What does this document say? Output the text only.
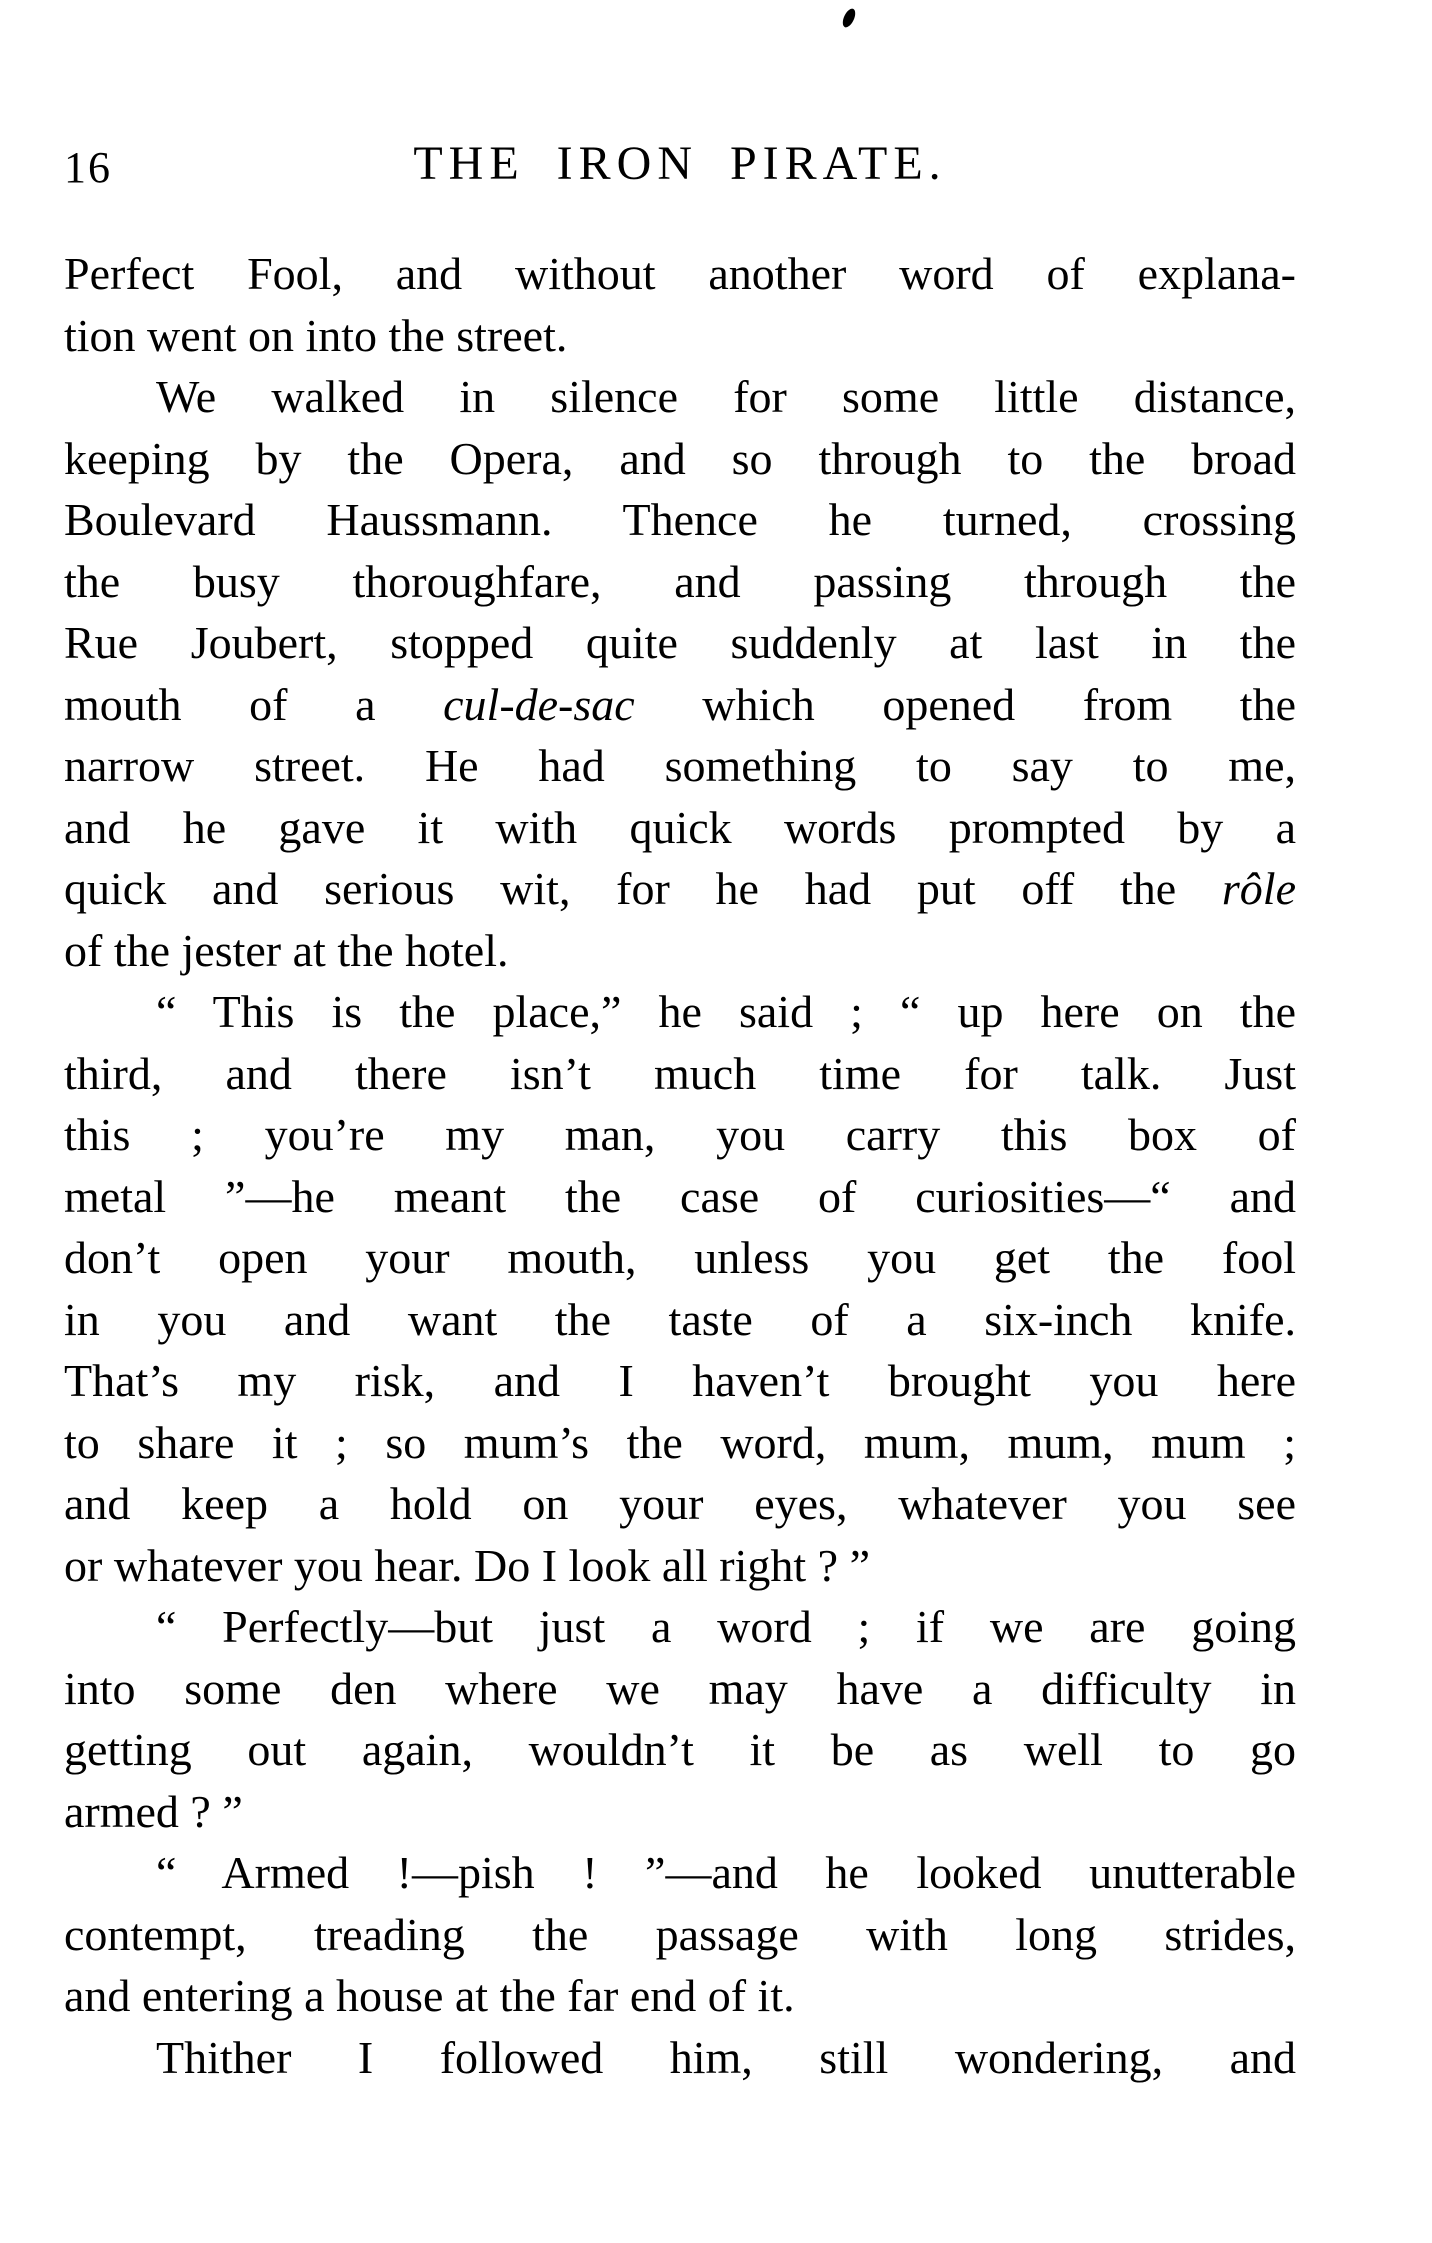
16	THE IRON PIRATE.
Perfect Fool, and without another word of explana-
tion went on into the street.
We walked in silence for some little distance,
keeping by the Opera, and so through to the broad
Boulevard Haussmann. Thence he turned, crossing
the busy thoroughfare, and passing through the
Rue Joubert, stopped quite suddenly at last in the
mouth of a cul-de-sac which opened from the
narrow street. He had something to say to me,
and he gave it with quick words prompted by a
quick and serious wit, for he had put off the rôle
of the jester at the hotel.
“ This is the place,” he said ; “ up here on the
third, and there isn’t much time for talk. Just
this ; you’re my man, you carry this box of
metal ”—he meant the case of curiosities—“ and
don’t open your mouth, unless you get the fool
in you and want the taste of a six-inch knife.
That’s my risk, and I haven’t brought you here
to share it ; so mum’s the word, mum, mum, mum ;
and keep a hold on your eyes, whatever you see
or whatever you hear. Do I look all right ? ”
“ Perfectly—but just a word ; if we are going
into some den where we may have a difficulty in
getting out again, wouldn’t it be as well to go
armed ? ”
“ Armed !—pish ! ”—and he looked unutterable
contempt, treading the passage with long strides,
and entering a house at the far end of it.
Thither I followed him, still wondering, and
